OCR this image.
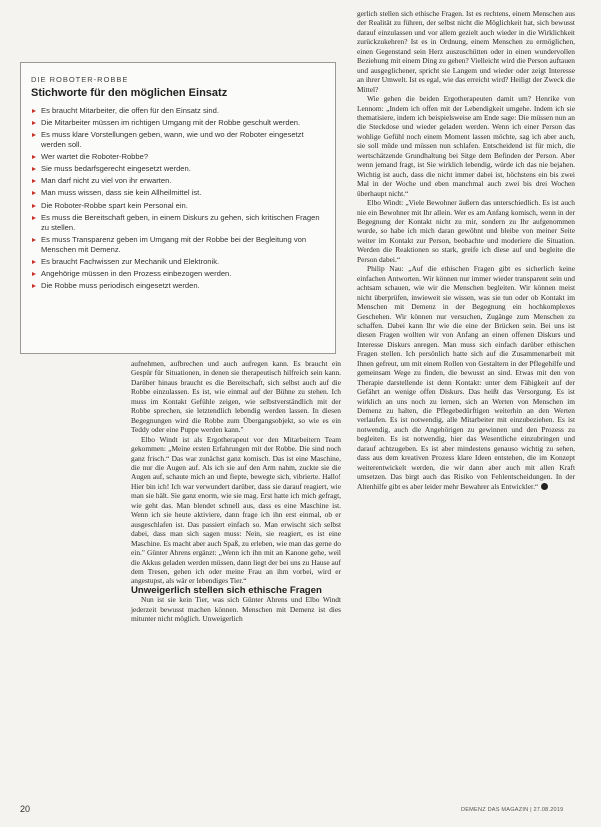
DIE ROBOTER-ROBBE
Stichworte für den möglichen Einsatz
Es braucht Mitarbeiter, die offen für den Einsatz sind.
Die Mitarbeiter müssen im richtigen Umgang mit der Robbe geschult werden.
Es muss klare Vorstellungen geben, wann, wie und wo der Roboter eingesetzt werden soll.
Wer wartet die Roboter-Robbe?
Sie muss bedarfsgerecht eingesetzt werden.
Man darf nicht zu viel von ihr erwarten.
Man muss wissen, dass sie kein Allheilmittel ist.
Die Roboter-Robbe spart kein Personal ein.
Es muss die Bereitschaft geben, in einem Diskurs zu gehen, sich kritischen Fragen zu stellen.
Es muss Transparenz geben im Umgang mit der Robbe bei der Begleitung von Menschen mit Demenz.
Es braucht Fachwissen zur Mechanik und Elektronik.
Angehörige müssen in den Prozess einbezogen werden.
Die Robbe muss periodisch eingesetzt werden.

aufnehmen, aufbrechen und auch aufregen kann. Es braucht ein Gespür für Situationen, in denen sie therapeutisch hilfreich sein kann. Darüber hinaus braucht es die Bereitschaft, sich selbst auch auf die Robbe einzulassen. Es ist, wie einmal auf der Bühne zu stehen. Ich muss im Kontakt Gefühle zeigen, wie selbstverständlich mit der Robbe sprechen, sie letztendlich lebendig werden lassen. In diesen Begegnungen wird die Robbe zum Übergangsobjekt, so wie es ein Teddy oder eine Puppe werden kann."

Elbo Windt ist als Ergotherapeut vor den Mitarbeitern Team gekommen: „Meine ersten Erfahrungen mit der Robbe. Die sind noch ganz frisch.“ Das war zunächst ganz komisch. Das ist eine Maschine, die nur die Augen auf. Als ich sie auf den Arm nahm, zuckte sie die Augen auf, schaute mich an und fiepte, bewegte sich, vibrierte. Hallo! Hier bin ich! Ich war verwundert darüber, dass sie darauf reagiert, wie man sie hält. Sie ganz enorm, wie sie mag. Erst hatte ich mich gefragt, wie geht das. Man blendet schnell aus, dass es eine Maschine ist. Wenn ich sie heute aktiviere, dann frage ich ihn erst einmal, ob er ausgeschlafen ist. Das passiert einfach so. Man erwischt sich selbst dabei, dass man sich sagen muss: Nein, sie reagiert, es ist eine Maschine. Es macht aber auch Spaß, zu erleben, wie man das gerne do ein." Günter Ahrens ergänzt: „Wenn ich ihn mit an Kanone gehe, weil die Akkus geladen werden müssen, dann liegt der bei uns zu Hause auf dem Tresen, gehen ich oder meine Frau an ihm vorbei, wird er angestupst, als wär er lebendiges Tier.“

Unweigerlich stellen sich ethische Fragen

Nun ist sie kein Tier, was sich Günter Ahrens und Elbo Windt jederzeit bewusst machen können. Menschen mit Demenz ist dies mitunter nicht möglich. Unweigerlich

gerlich stellen sich ethische Fragen. Ist es rechtens, einem Menschen aus der Realität zu führen, der selbst nicht die Möglichkeit hat, sich bewusst darauf einzulassen und vor allem gezielt auch wieder in die Wirklichkeit zurückzukehren? Ist es in Ordnung, einem Menschen zu ermöglichen, einen Gegenstand sein Herz auszuschütten oder in einen wundervollen Beziehung mit einem Ding zu gehen? Vielleicht wird die Person auftauen und ausgeglichener, spricht sie Langem und wieder oder zeigt Interesse an ihrer Umwelt. Ist es egal, wie das erreicht wird? Heiligt der Zweck die Mittel?

Wie gehen die beiden Ergotherapeuten damit um? Henrike von Lennom: „Indem ich offen mit der Lebendigkeit umgehe. Indem ich sie thematisiere, indem ich beispielsweise am Ende sage: Die müssen nun an die Steckdose und wieder geladen werden. Wenn ich einer Person das wohlige Gefühl noch einem Moment lassen möchte, sag ich aber auch, sie soll müde und müssen nun schlafen. Entscheidend ist für mich, die wertschätzende Grundhaltung bei Sitge dem Befinden der Person. Aber wenn jemand fragt, ist Sie wirklich lebendig, würde ich das nie bejahen. Wichtig ist auch, dass die nicht immer dabei ist, höchstens ein bis zwei Mal in der Woche und eben manchmal auch zwei bis drei Wochen überhaupt nicht.“

Elbo Windt: „Viele Bewohner äußern das unterschiedlich. Es ist auch nie ein Bewohner mit Ihr allein. Wer es am Anfang komisch, wenn in der Begegnung der Kontakt nicht zu mir, sondern zu Ihr aufgenommen wurde, so habe ich mich daran gewöhnt und bleibe von meiner Seite weiter im Kontakt zur Person, beobachte und moderiere die Situation. Werden die Reaktionen so stark, greife ich diese auf und begleite die Person dabei.“

Philip Nau: „Auf die ethischen Fragen gibt es sicherlich keine einfachen Antworten. Wir können nur immer wieder transparent sein und achtsam schauen, wie wir die Menschen begleiten. Wir können meist nicht überprüfen, inwieweit sie wissen, was sie tun oder ob Kontakt im Menschen mit Demenz in der Begegnung ein hochkomplexes Geschehen. Wir können nur versuchen, Zugänge zum Menschen zu schaffen. Dabei kann Ihr wie die eine der Brücken sein. Bei uns ist diesen Fragen wollten wir von Anfang an einen offenen Diskurs und Interesse Diskurs anregen. Man muss sich einfach darüber ethischen Fragen stellen. Ich persönlich hatte sich auf die Zusammenarbeit mit Ihnen gefreut, um mit einem Rollen von Gestaltern in der Pflegehilfe und gemeinsam Wege zu finden, die bewusst an sind. Etwas mit den von Therapie darstellende ist denn Kontakt: unter dem Fähigkeit auf der Gefährt an wenige offen Diskurs. Das heißt das Versorgung. Es ist wirklich an uns noch zu lernen, sich an Werten von Menschen im Demenz zu halten, die Pflegebedürftigen weiterhin an den Werten verlaufen. Es ist notwendig, alle Mitarbeiter mit einzubeziehen. Es ist notwendig, auch die Angehörigen zu gewinnen und den Prozess zu begleiten. Es ist notwendig, hier das Wesentliche einzubringen und darauf achtzugeben. Es ist aber mindestens genauso wichtig zu sehen, dass aus dem kreativen Prozess klare Ideen entstehen, die im Konzept weiterentwickelt werden, die wir dann aber auch mit allen Kraft umsetzen. Das birgt auch das Risiko von Fehlentscheidungen. In der Altenhilfe gibt es aber leider mehr Bewahrer als Entwickler.“

20	DEMENZ DAS MAGAZIN | 27.08.2019
